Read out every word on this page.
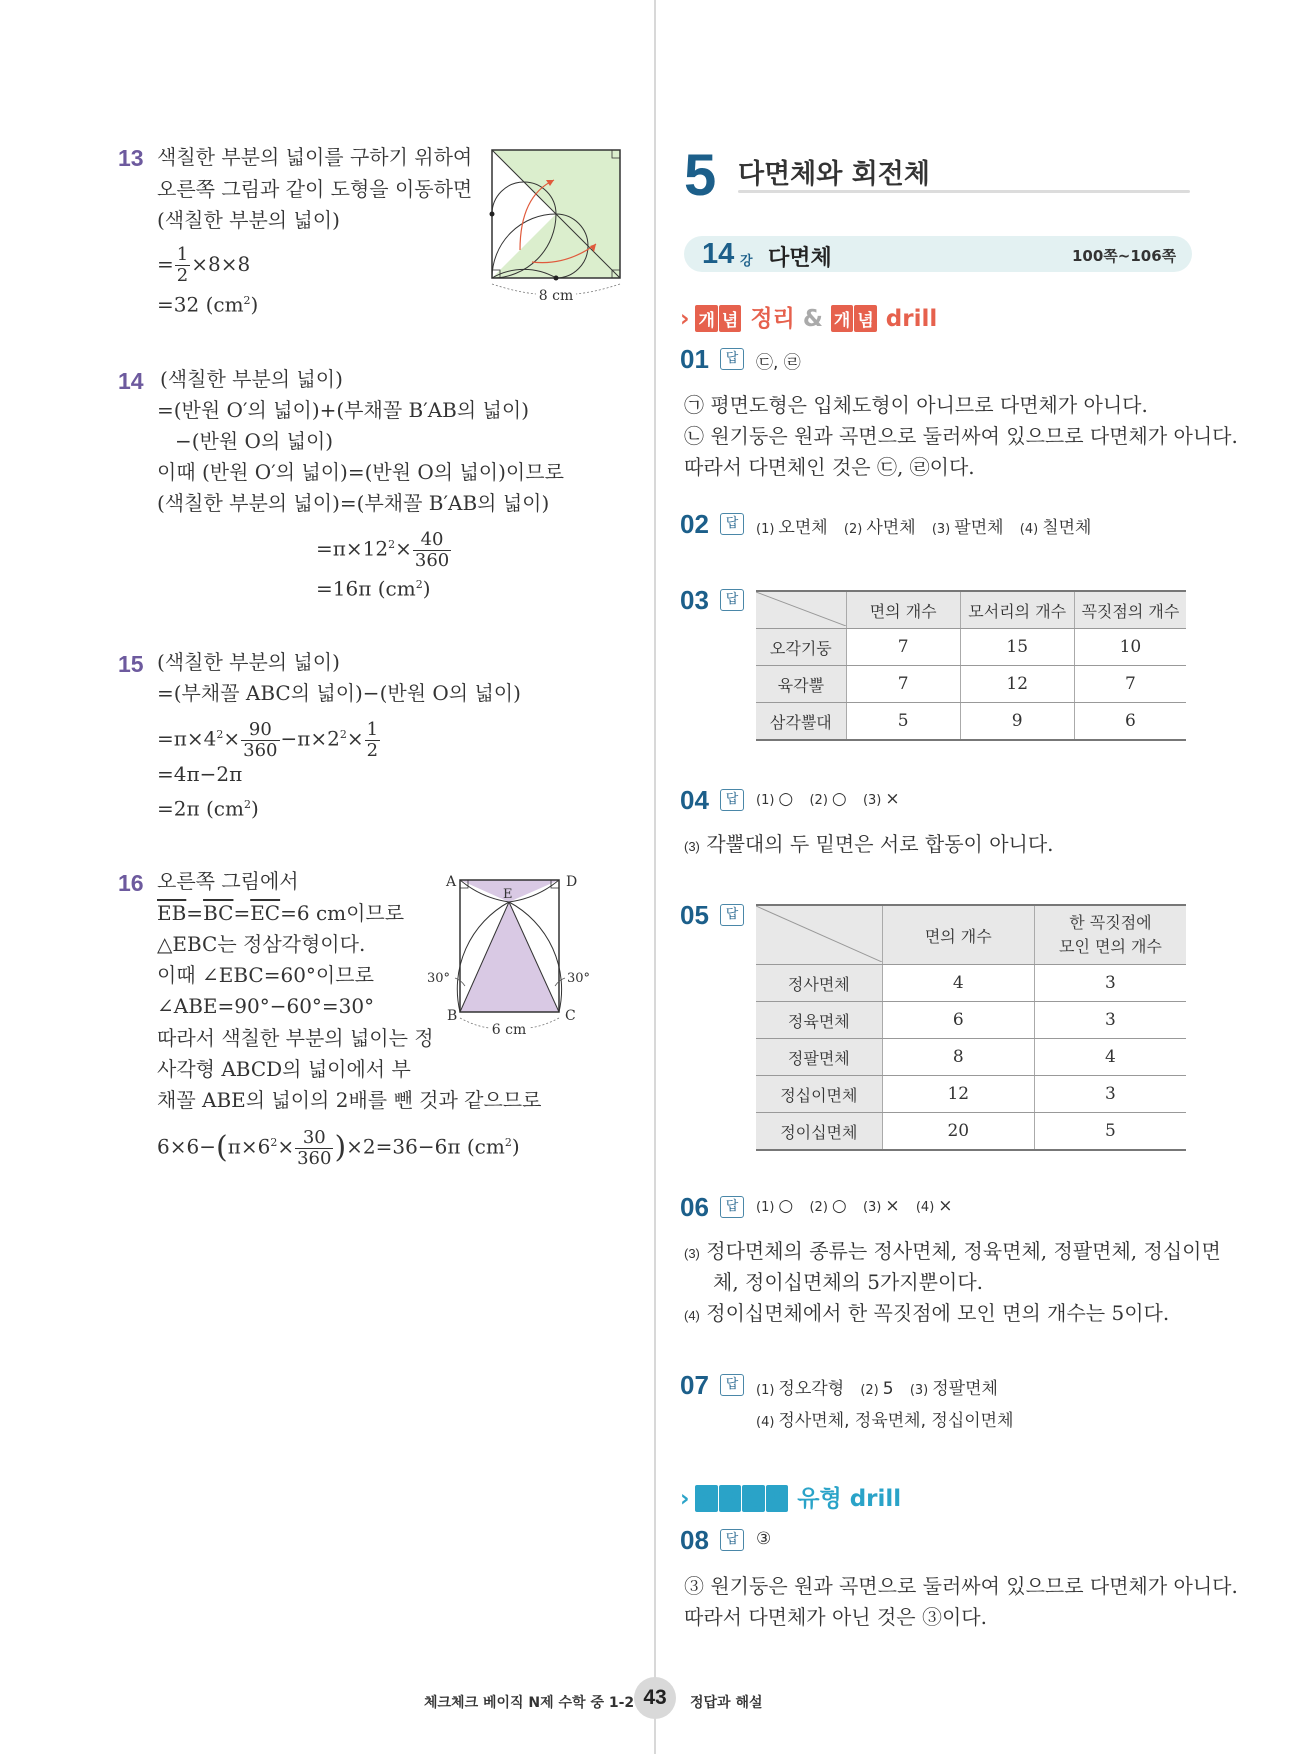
13 색칠한 부분의 넓이를 구하기 위하여
오른쪽 그림과 같이 도형을 이동하면
(색칠한 부분의 넓이)
= $\frac{1}{2} \times 8\times 8$
=32 $(cm^2)$	8 cm
14 (색칠한 부분의 넓이)
=(반원 O′의 넓이)+(부채꼴 B′AB의 넓이)
−(반원 O의 넓이)
이때 (반원 O′의 넓이)=(반원 O의 넓이)이므로
(색칠한 부분의 넓이)=(부채꼴 B′AB의 넓이)
$=\pi\times 12^2\times \frac{40}{360}$
=16π $(cm^2)$
15 (색칠한 부분의 넓이)
=(부채꼴 ABC의 넓이)−(반원 O의 넓이)
$=\pi\times 4^2\times \frac{90}{360} -\pi\times 2^2\times \frac{1}{2}$
=4π−2π
=2π $(cm^2)$
16 오른쪽 그림에서
$\overline{EB}=\overline{BC}=\overline{EC}=6$ cm이므로
△EBC는 정삼각형이다.
이때 ∠EBC=60°이므로
∠ABE=90°−60°=30°
따라서 색칠한 부분의 넓이는 정
사각형 ABCD의 넓이에서 부
채꼴 ABE의 넓이의 2배를 뺀 것과 같으므로
$6\times 6-(\pi\times 6^2\times \frac{30}{360} )\times 2=36-6\pi$ $(cm^2)$
A	D
E
B	C
30°	30°
6 cm
5 다면체와 회전체
14 강 다면체	100쪽~106쪽
› 개 념 정리 & 개 념 drill
01	답	㉢, ㉣
㉠ 평면도형은 입체도형이 아니므로 다면체가 아니다.
㉡ 원기둥은 원과 곡면으로 둘러싸여 있으므로 다면체가 아니다.
따라서 다면체인 것은 ㉢, ㉣이다.
02	답	(1) 오면체 (2) 사면체 (3) 팔면체 (4) 칠면체
03	답
	면의 개수	모서리의 개수	꼭짓점의 개수
오각기둥	7	15	10
육각뿔	7	12	7
삼각뿔대	5	9	6
04	답	(1) ○ (2) ○ (3) ×
(3) 각뿔대의 두 밑면은 서로 합동이 아니다.
05	답
	면의 개수	한 꼭짓점에
모인 면의 개수
정사면체	4	3
정육면체	6	3
정팔면체	8	4
정십이면체	12	3
정이십면체	20	5
06	답	(1) ○ (2) ○ (3) × (4) ×
(3) 정다면체의 종류는 정사면체, 정육면체, 정팔면체, 정십이면
체, 정이십면체의 5가지뿐이다.
(4) 정이십면체에서 한 꼭짓점에 모인 면의 개수는 5이다.
07	답	(1) 정오각형 (2) 5 (3) 정팔면체
(4) 정사면체, 정육면체, 정십이면체
› 반 복 반 복 유형 drill
08	답	③
③ 원기둥은 원과 곡면으로 둘러싸여 있으므로 다면체가 아니다.
따라서 다면체가 아닌 것은 ③이다.
체크체크 베이직 N제 수학 중 1-2 43	정답과 해설
